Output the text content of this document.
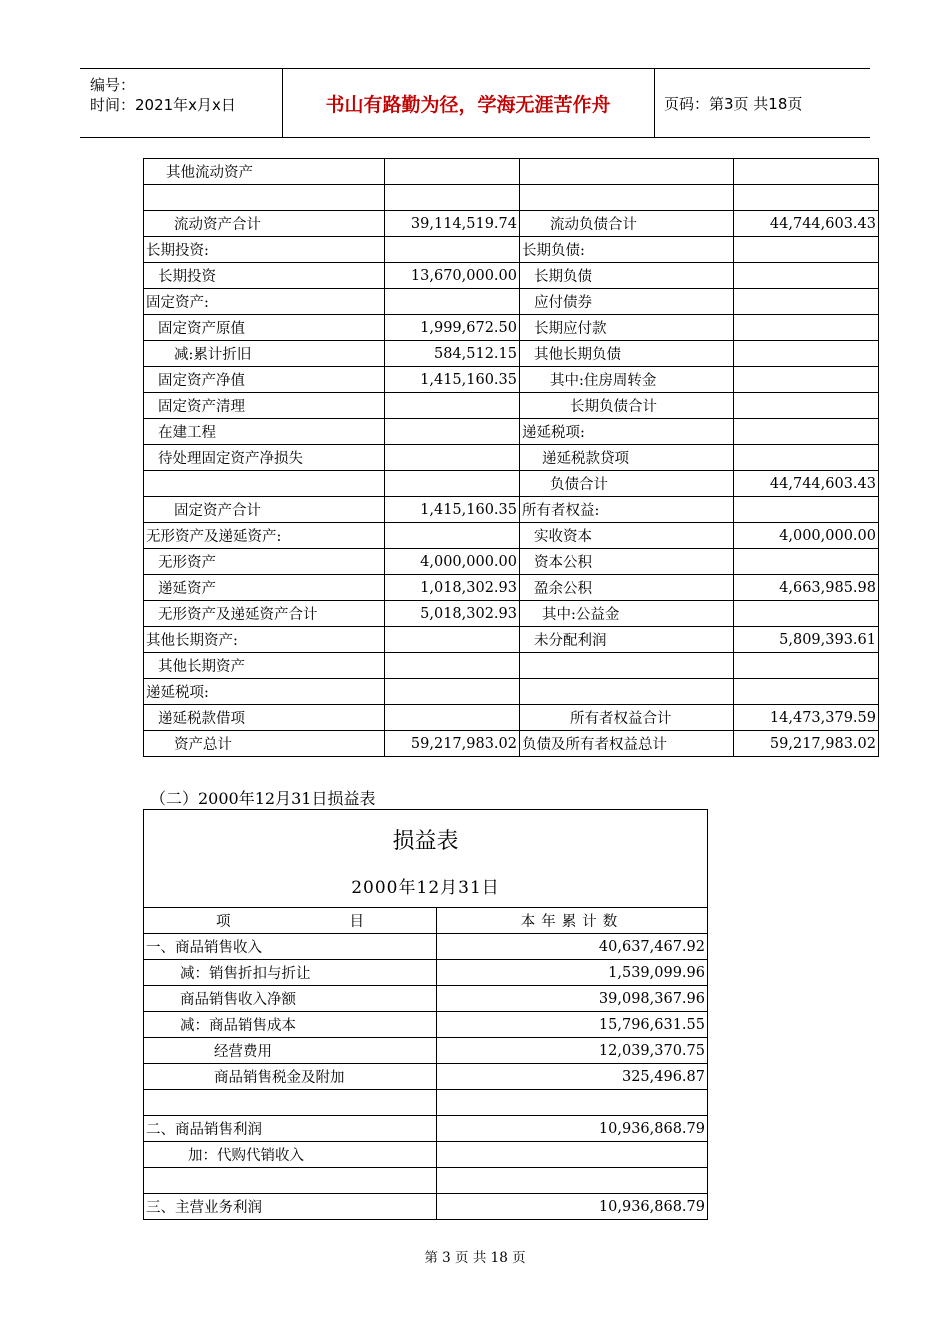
编号：
时间：2021年x月x日	书山有路勤为径，学海无涯苦作舟	页码：第3页 共18页
其他流动资产			

流动资产合计	39,114,519.74	流动负债合计	44,744,603.43
长期投资:		长期负债:	
长期投资	13,670,000.00	长期负债	
固定资产:		应付债券	
固定资产原值	1,999,672.50	长期应付款	
减:累计折旧	584,512.15	其他长期负债	
固定资产净值	1,415,160.35	其中:住房周转金	
固定资产清理		长期负债合计	
在建工程		递延税项:	
待处理固定资产净损失		递延税款贷项	
		负债合计	44,744,603.43
固定资产合计	1,415,160.35	所有者权益:	
无形资产及递延资产:		实收资本	4,000,000.00
无形资产	4,000,000.00	资本公积	
递延资产	1,018,302.93	盈余公积	4,663,985.98
无形资产及递延资产合计	5,018,302.93	其中:公益金	
其他长期资产:		未分配利润	5,809,393.61
其他长期资产			
递延税项:			
递延税款借项		所有者权益合计	14,473,379.59
资产总计	59,217,983.02	负债及所有者权益总计	59,217,983.02
（二）2000年12月31日损益表
损益表
2000年12月31日	

项 目	本年累计数
一、商品销售收入	40,637,467.92
减：销售折扣与折让	1,539,099.96
商品销售收入净额	39,098,367.96
减：商品销售成本	15,796,631.55
经营费用	12,039,370.75
商品销售税金及附加	325,496.87

二、商品销售利润	10,936,868.79
加：代购代销收入	

三、主营业务利润	10,936,868.79
第 3 页 共 18 页
